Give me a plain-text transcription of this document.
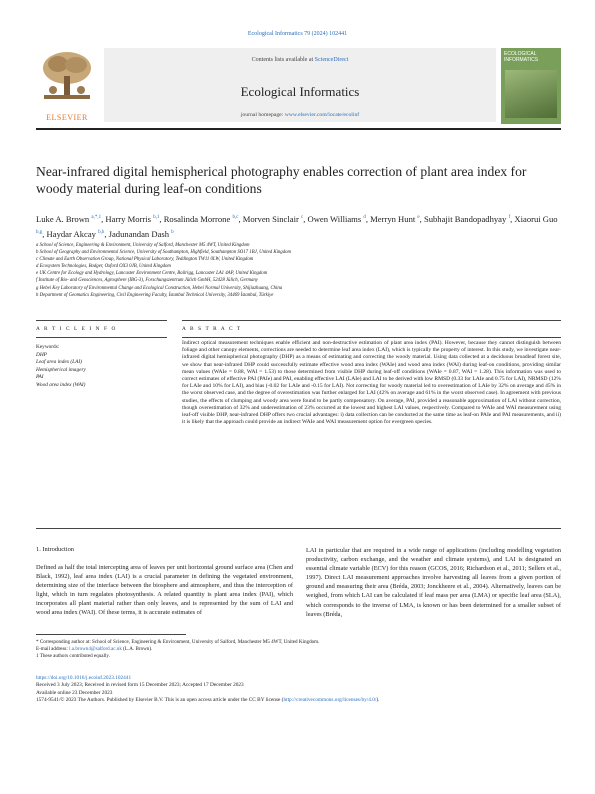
Ecological Informatics 79 (2024) 102441
ELSEVIER
Contents lists available at ScienceDirect
Ecological Informatics
journal homepage: www.elsevier.com/locate/ecolinf
ECOLOGICAL INFORMATICS
Near-infrared digital hemispherical photography enables correction of plant area index for woody material during leaf-on conditions
Luke A. Brown $^{a,*,1}$, Harry Morris $^{b,1}$, Rosalinda Morrone $^{b,c}$, Morven Sinclair $^c$, Owen Williams $^d$, Merryn Hunt $^e$, Subhajit Bandopadhyay $^f$, Xiaorui Guo $^{b,g}$, Haydar Akcay $^{b,h}$, Jadunandan Dash $^b$
a School of Science, Engineering & Environment, University of Salford, Manchester M5 4WT, United Kingdom
b School of Geography and Environmental Science, University of Southampton, Highfield, Southampton SO17 1BJ, United Kingdom
c Climate and Earth Observation Group, National Physical Laboratory, Teddington TW11 0LW, United Kingdom
d Ecosystem Technologies, Bodger, Oxford OX3 0JB, United Kingdom
e UK Centre for Ecology and Hydrology, Lancaster Environment Centre, Bailrigg, Lancaster LA1 4AP, United Kingdom
f Institute of Bio- and Geosciences, Agrosphere (IBG-3), Forschungszentrum Jülich GmbH, 52428 Jülich, Germany
g Hebei Key Laboratory of Environmental Change and Ecological Construction, Hebei Normal University, Shijiazhuang, China
h Department of Geomatics Engineering, Civil Engineering Faculty, İstanbul Technical University, 34469 İstanbul, Türkiye
A R T I C L E I N F O	A B S T R A C T
Keywords:
DHP
Leaf area index (LAI)
Hemispherical imagery
PAI
Wood area index (WAI)
Indirect optical measurement techniques enable efficient and non-destructive estimation of plant area index (PAI). However, because they cannot distinguish between foliage and other canopy elements, corrections are needed to determine leaf area index (LAI), which is typically the property of interest. In this study, we investigate near-infrared digital hemispherical photography (DHP) as a means of estimating and correcting the woody material. Using data collected at a deciduous broadleaf forest site, we show that near-infrared DHP could successfully estimate effective wood area index (WAIe) and wood area index (WAI) during leaf-on conditions, providing similar mean values (WAIe = 0.88, WAI = 1.53) to those determined from visible DHP during leaf-off conditions (WAIe = 0.87, WAI = 1.28). This information was used to correct estimates of effective PAI (PAIe) and PAI, enabling effective LAI (LAIe) and LAI to be derived with low RMSD (0.33 for LAIe and 0.75 for LAI), NRMSD (12% for LAIe and 10% for LAI), and bias (-0.02 for LAIe and -0.15 for LAI). Not correcting for woody material led to overestimation of LAIe by 32% on average and 45% in the worst observed case, and the degree of overestimation was further enlarged for LAI (42% on average and 61% in the worst observed case). In agreement with previous studies, the effects of clumping and woody area were found to be partly compensatory. On average, PAI, provided a reasonable approximation of LAI without correction, though overestimation of 32% and underestimation of 23% occurred at the lowest and highest LAI values, respectively. Compared to WAIe and WAI measurement using leaf-off visible DHP, near-infrared DHP offers two crucial advantages: i) data collection can be conducted at the same time as leaf-on PAIe and PAI measurements, and ii) it is likely that the approach could provide an indirect WAIe and WAI measurement option for evergreen species.
1. Introduction
Defined as half the total intercepting area of leaves per unit horizontal ground surface area (Chen and Black, 1992), leaf area index (LAI) is a crucial parameter in defining the vegetated environment, determining size of the interface between the biosphere and atmosphere, and thus the interception of light, which in turn regulates photosynthesis. A related quantity is plant area index (PAI), which incorporates all plant material rather than only leaves, and is represented by the sum of LAI and wood area index (WAI). Of these terms, it is accurate estimates of
LAI in particular that are required in a wide range of applications (including modelling vegetation productivity, carbon exchange, and the weather and climate systems), and LAI is designated an essential climate variable (ECV) for this reason (GCOS, 2016; Richardson et al., 2011; Sellers et al., 1997). Direct LAI measurement approaches involve harvesting all leaves from a given portion of ground and measuring their area (Bréda, 2003; Jonckheere et al., 2004). Alternatively, leaves can be weighed, from which LAI can be calculated if leaf mass per area (LMA) or specific leaf area (SLA), which corresponds to the inverse of LMA, is known or has been determined for a smaller subset of leaves (Bréda,
* Corresponding author at: School of Science, Engineering & Environment, University of Salford, Manchester M5 4WT, United Kingdom.
E-mail address: l.a.brown4@salford.ac.uk (L.A. Brown).
1 These authors contributed equally.
https://doi.org/10.1016/j.ecoinf.2023.102441
Received 3 July 2023; Received in revised form 15 December 2023; Accepted 17 December 2023
Available online 23 December 2023
1574-9541/© 2023 The Authors. Published by Elsevier B.V. This is an open access article under the CC BY license (http://creativecommons.org/licenses/by/4.0/).
